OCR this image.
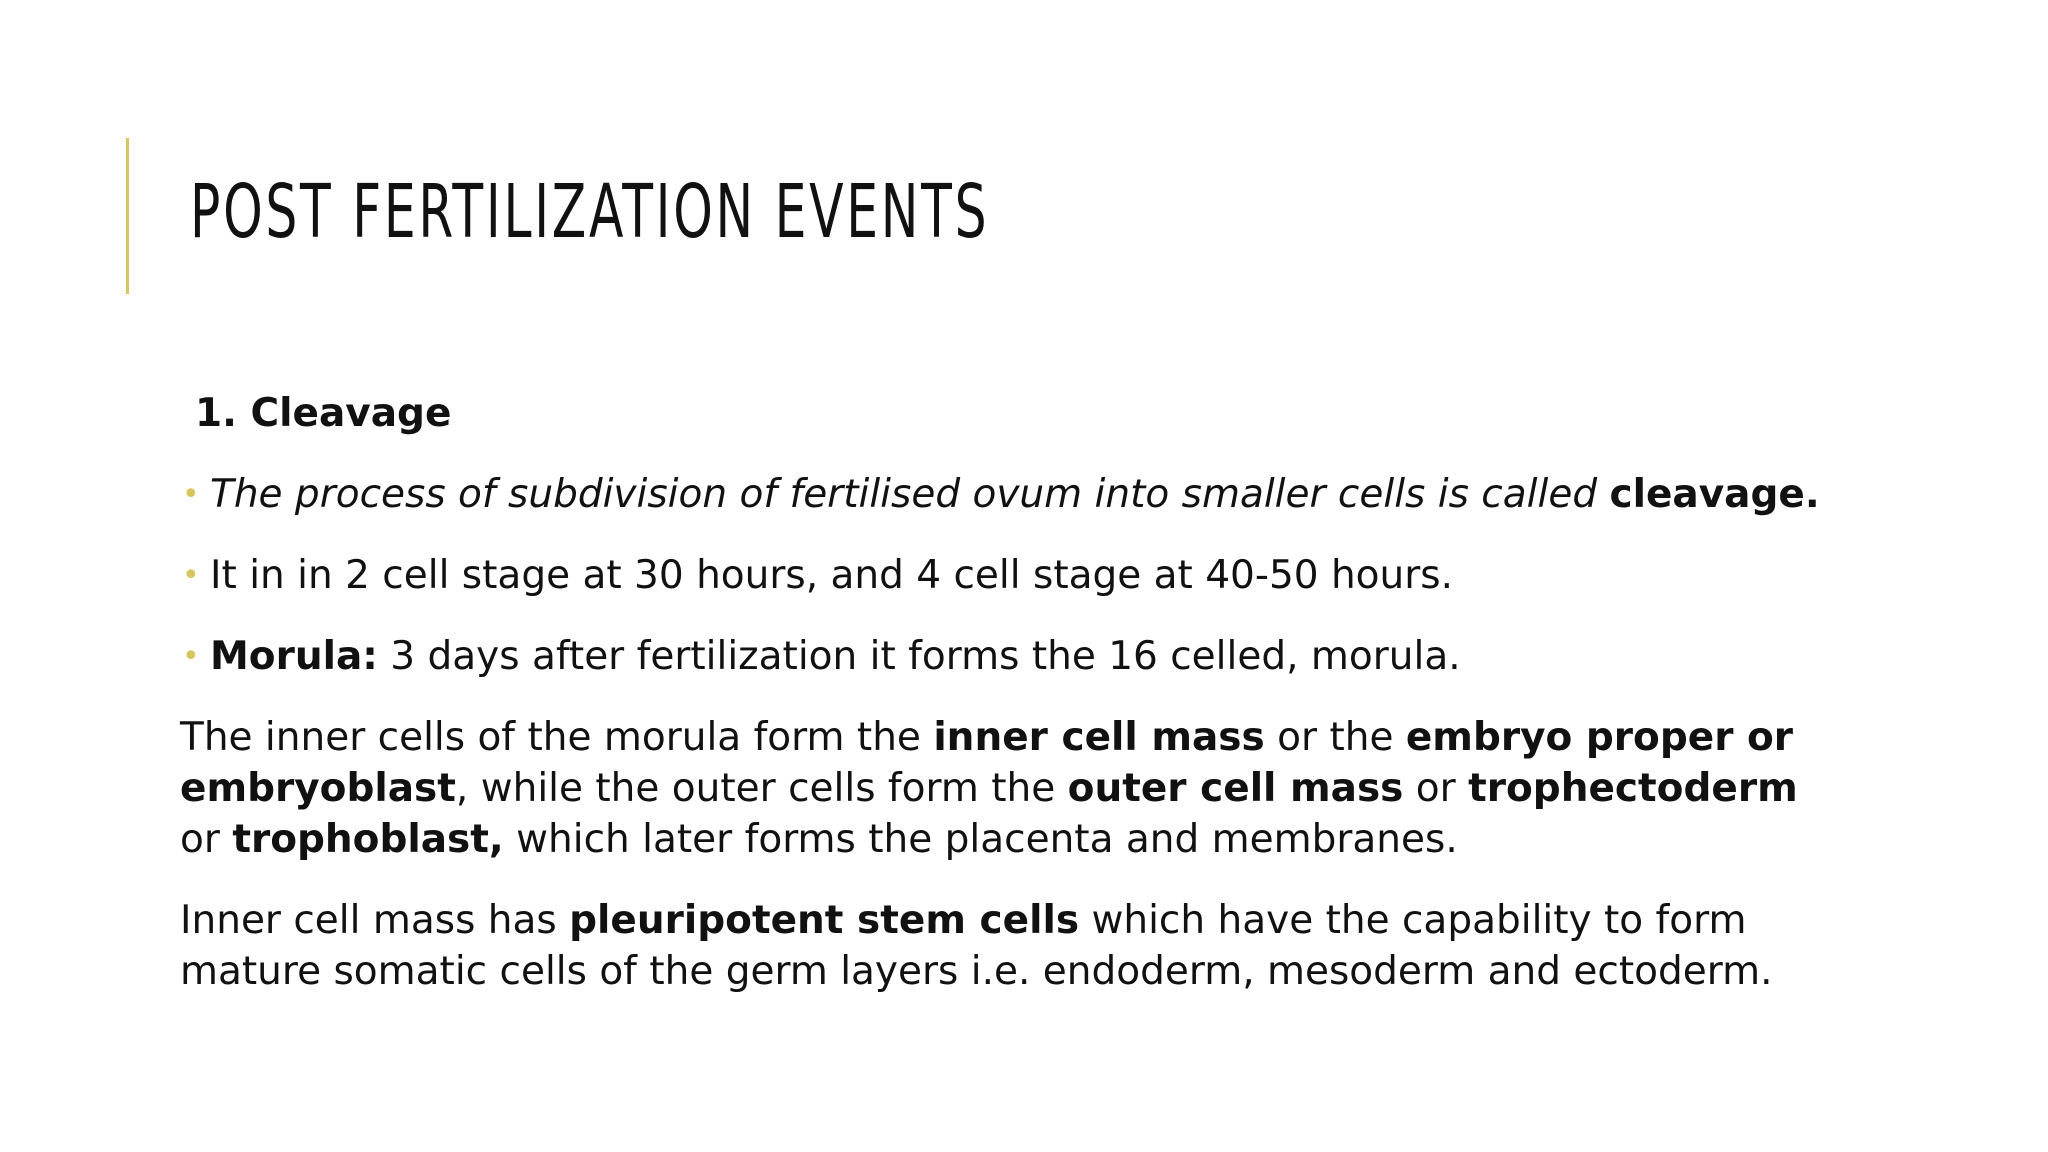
POST FERTILIZATION EVENTS
1. Cleavage
• The process of subdivision of fertilised ovum into smaller cells is called cleavage.
• It in in 2 cell stage at 30 hours, and 4 cell stage at 40-50 hours.
• Morula: 3 days after fertilization it forms the 16 celled, morula.

The inner cells of the morula form the inner cell mass or the embryo proper or embryoblast, while the outer cells form the outer cell mass or trophectoderm or trophoblast, which later forms the placenta and membranes.

Inner cell mass has pleuripotent stem cells which have the capability to form mature somatic cells of the germ layers i.e. endoderm, mesoderm and ectoderm.
